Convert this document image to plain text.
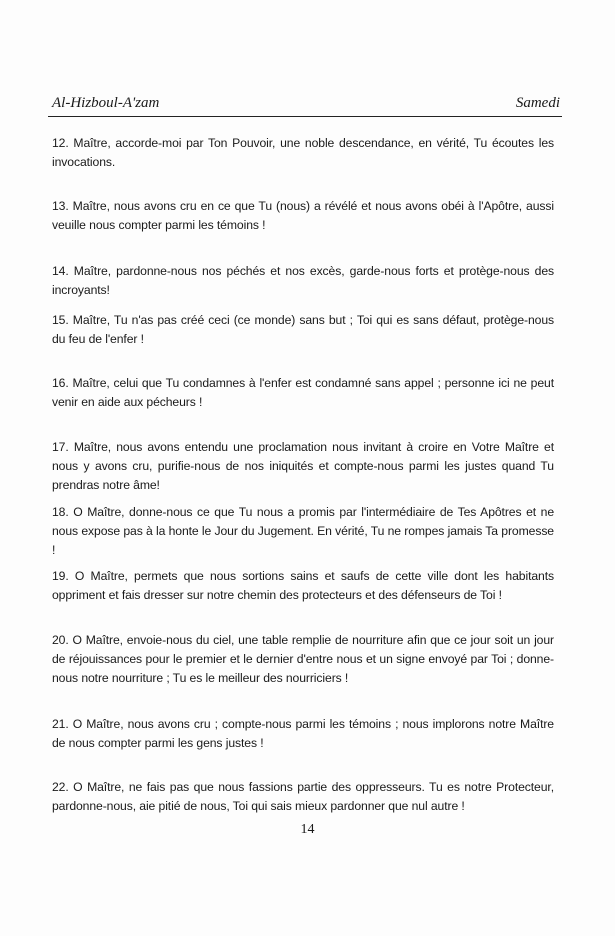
Al-Hizboul-A'zam	Samedi

12. Maître, accorde-moi par Ton Pouvoir, une noble descendance, en vérité, Tu écoutes les invocations.

13. Maître, nous avons cru en ce que Tu (nous) a révélé et nous avons obéi à l'Apôtre, aussi veuille nous compter parmi les témoins !

14. Maître, pardonne-nous nos péchés et nos excès, garde-nous forts et protège-nous des incroyants!

15. Maître, Tu n'as pas créé ceci (ce monde) sans but ; Toi qui es sans défaut, protège-nous du feu de l'enfer !

16. Maître, celui que Tu condamnes à l'enfer est condamné sans appel ; personne ici ne peut venir en aide aux pécheurs !

17. Maître, nous avons entendu une proclamation nous invitant à croire en Votre Maître et nous y avons cru, purifie-nous de nos iniquités et compte-nous parmi les justes quand Tu prendras notre âme!

18. O Maître, donne-nous ce que Tu nous a promis par l'intermédiaire de Tes Apôtres et ne nous expose pas à la honte le Jour du Jugement. En vérité, Tu ne rompes jamais Ta promesse !

19. O Maître, permets que nous sortions sains et saufs de cette ville dont les habitants oppriment et fais dresser sur notre chemin des protecteurs et des défenseurs de Toi !

20. O Maître, envoie-nous du ciel, une table remplie de nourriture afin que ce jour soit un jour de réjouissances pour le premier et le dernier d'entre nous et un signe envoyé par Toi ; donne-nous notre nourriture ; Tu es le meilleur des nourriciers !

21. O Maître, nous avons cru ; compte-nous parmi les témoins ; nous implorons notre Maître de nous compter parmi les gens justes !

22. O Maître, ne fais pas que nous fassions partie des oppresseurs. Tu es notre Protecteur, pardonne-nous, aie pitié de nous, Toi qui sais mieux pardonner que nul autre !

14
